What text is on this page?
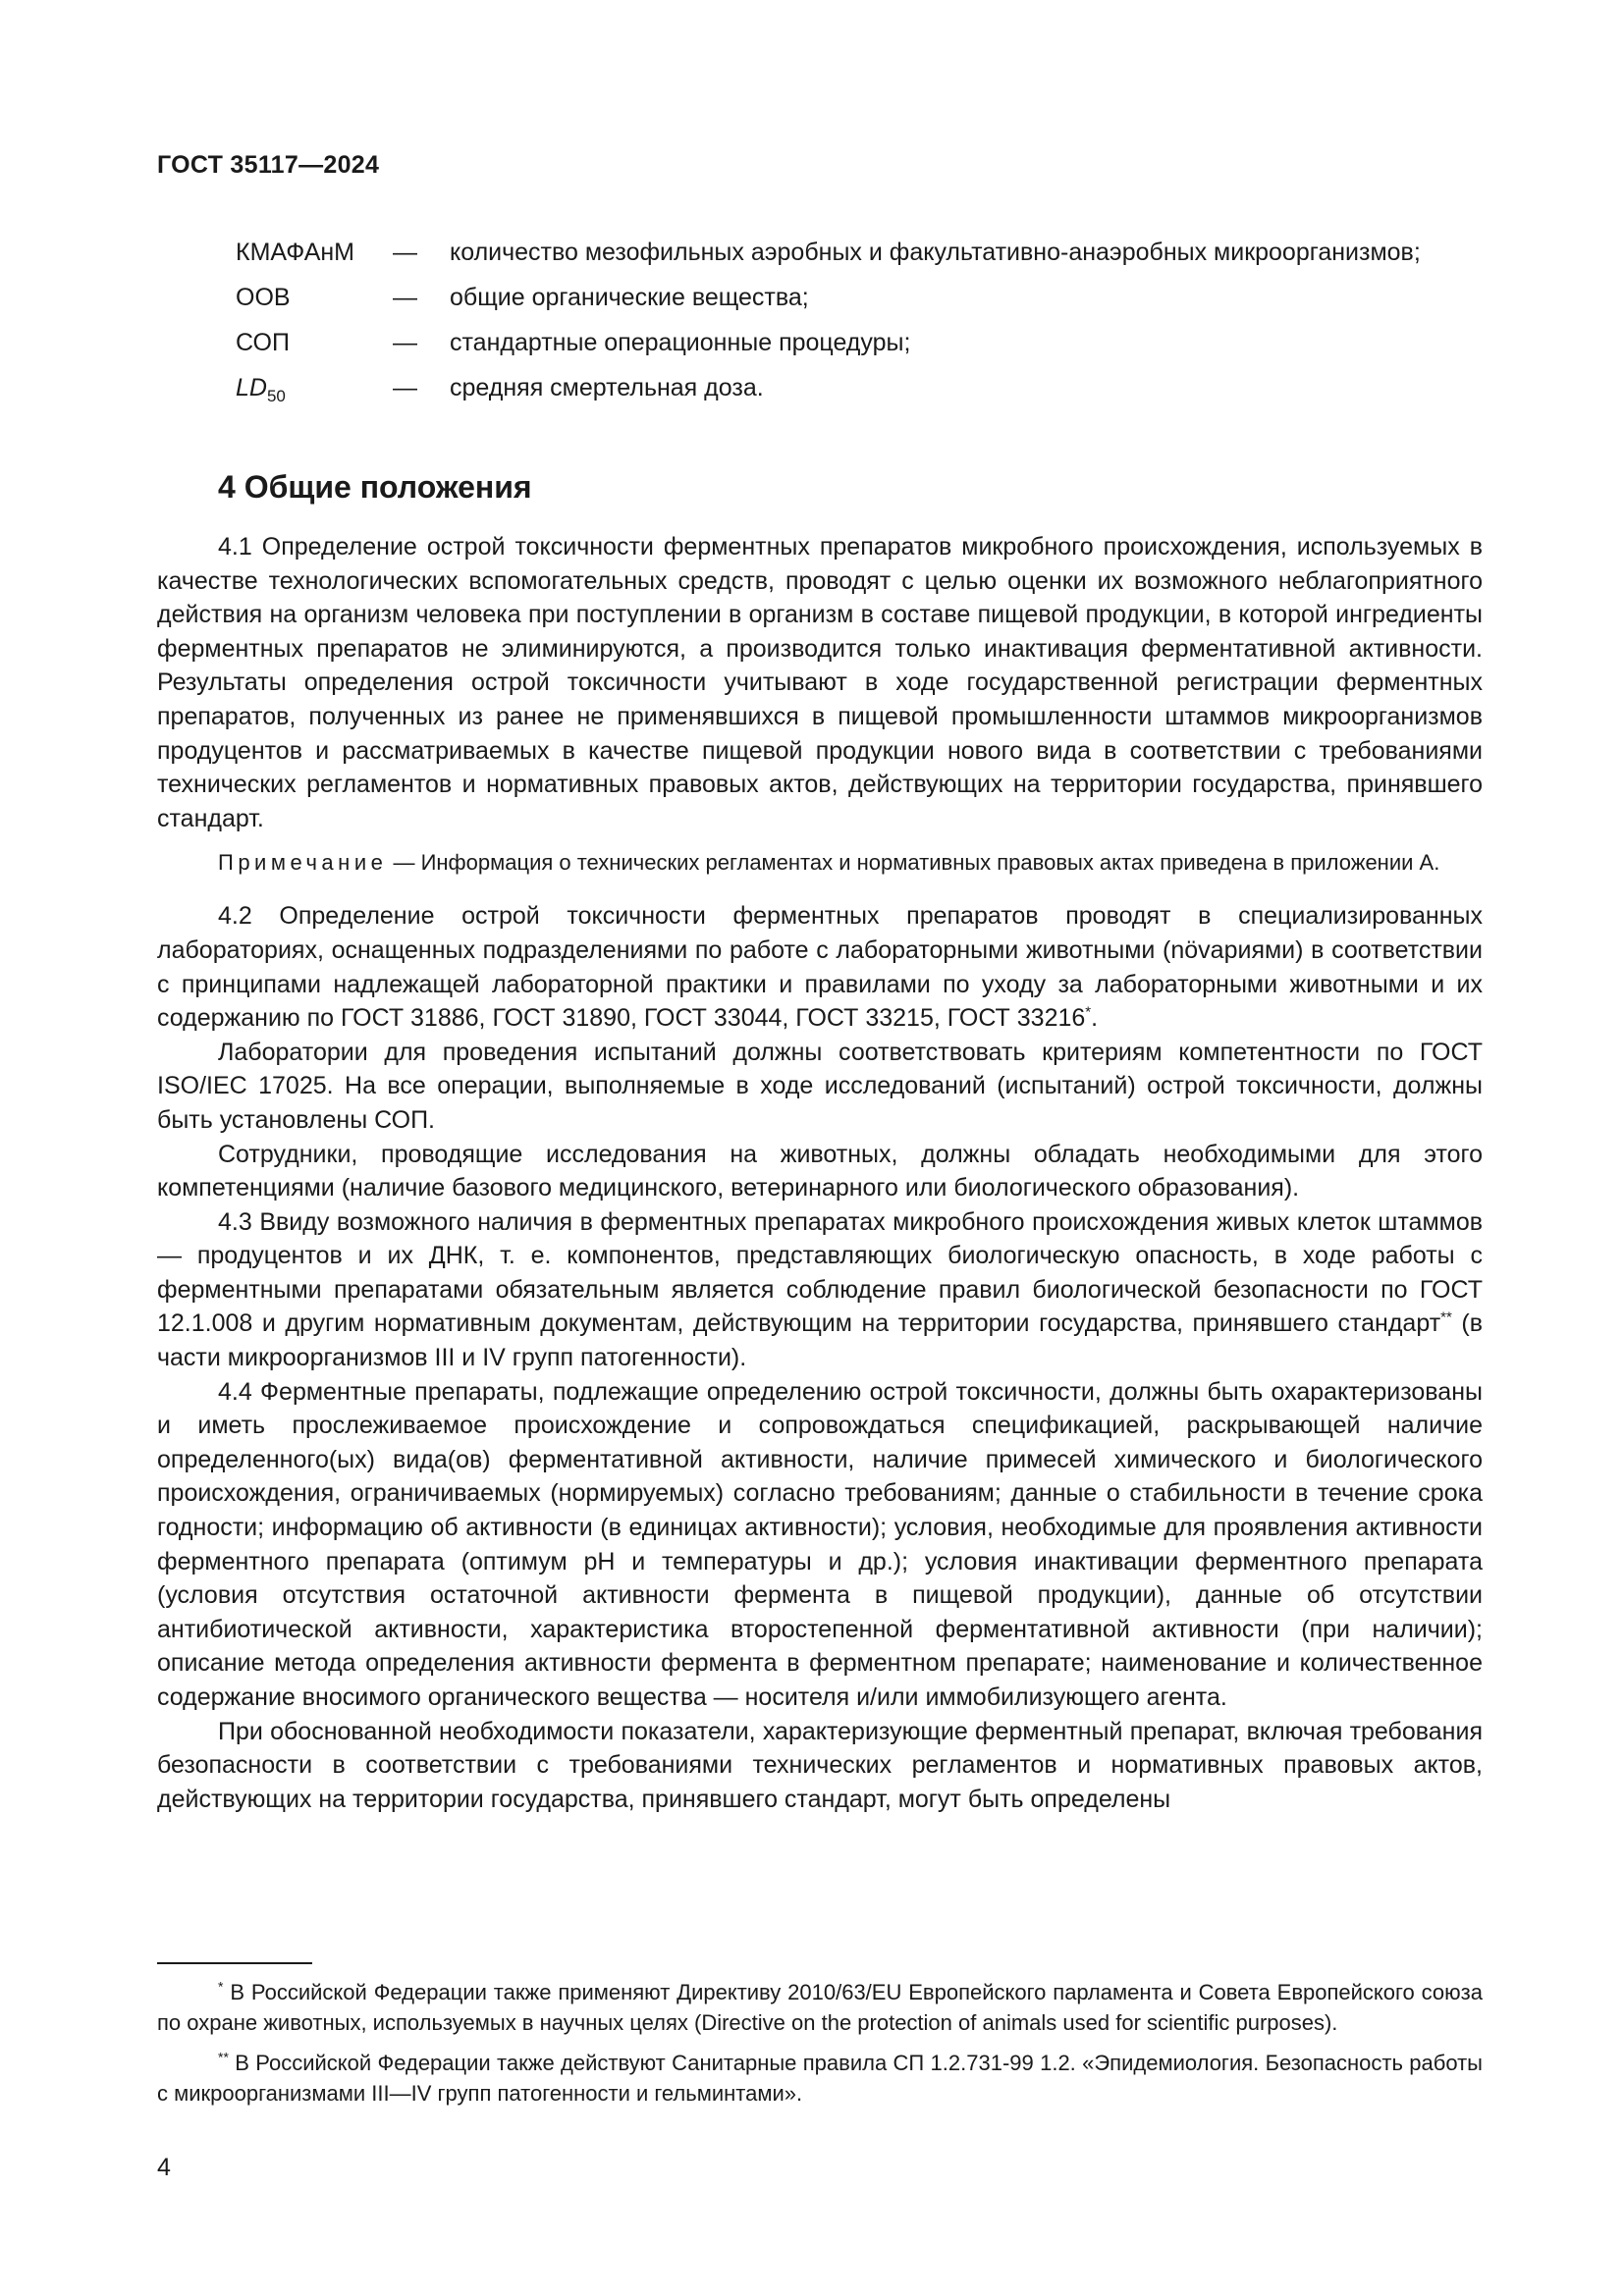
ГОСТ 35117—2024
КМАФАнМ	—	количество мезофильных аэробных и факультативно-анаэробных микроорганизмов;
ООВ	—	общие органические вещества;
СОП	—	стандартные операционные процедуры;
$LD_{50}$	—	средняя смертельная доза.
4 Общие положения

4.1 Определение острой токсичности ферментных препаратов микробного происхождения, используемых в качестве технологических вспомогательных средств, проводят с целью оценки их возможного неблагоприятного действия на организм человека при поступлении в организм в составе пищевой продукции, в которой ингредиенты ферментных препаратов не элиминируются, а производится только инактивация ферментативной активности. Результаты определения острой токсичности учитывают в ходе государственной регистрации ферментных препаратов, полученных из ранее не применявшихся в пищевой промышленности штаммов микроорганизмов продуцентов и рассматриваемых в качестве пищевой продукции нового вида в соответствии с требованиями технических регламентов и нормативных правовых актов, действующих на территории государства, принявшего стандарт.

Примечание — Информация о технических регламентах и нормативных правовых актах приведена в приложении А.

4.2 Определение острой токсичности ферментных препаратов проводят в специализированных лабораториях, оснащенных подразделениями по работе с лабораторными животными (növариями) в соответствии с принципами надлежащей лабораторной практики и правилами по уходу за лабораторными животными и их содержанию по ГОСТ 31886, ГОСТ 31890, ГОСТ 33044, ГОСТ 33215, ГОСТ 33216*.

Лаборатории для проведения испытаний должны соответствовать критериям компетентности по ГОСТ ISO/IEC 17025. На все операции, выполняемые в ходе исследований (испытаний) острой токсичности, должны быть установлены СОП.

Сотрудники, проводящие исследования на животных, должны обладать необходимыми для этого компетенциями (наличие базового медицинского, ветеринарного или биологического образования).

4.3 Ввиду возможного наличия в ферментных препаратах микробного происхождения живых клеток штаммов — продуцентов и их ДНК, т. е. компонентов, представляющих биологическую опасность, в ходе работы с ферментными препаратами обязательным является соблюдение правил биологической безопасности по ГОСТ 12.1.008 и другим нормативным документам, действующим на территории государства, принявшего стандарт** (в части микроорганизмов III и IV групп патогенности).

4.4 Ферментные препараты, подлежащие определению острой токсичности, должны быть охарактеризованы и иметь прослеживаемое происхождение и сопровождаться спецификацией, раскрывающей наличие определенного(ых) вида(ов) ферментативной активности, наличие примесей химического и биологического происхождения, ограничиваемых (нормируемых) согласно требованиям; данные о стабильности в течение срока годности; информацию об активности (в единицах активности); условия, необходимые для проявления активности ферментного препарата (оптимум pH и температуры и др.); условия инактивации ферментного препарата (условия отсутствия остаточной активности фермента в пищевой продукции), данные об отсутствии антибиотической активности, характеристика второстепенной ферментативной активности (при наличии); описание метода определения активности фермента в ферментном препарате; наименование и количественное содержание вносимого органического вещества — носителя и/или иммобилизующего агента.

При обоснованной необходимости показатели, характеризующие ферментный препарат, включая требования безопасности в соответствии с требованиями технических регламентов и нормативных правовых актов, действующих на территории государства, принявшего стандарт, могут быть определены

* В Российской Федерации также применяют Директиву 2010/63/EU Европейского парламента и Совета Европейского союза по охране животных, используемых в научных целях (Directive on the protection of animals used for scientific purposes).

** В Российской Федерации также действуют Санитарные правила СП 1.2.731-99 1.2. «Эпидемиология. Безопасность работы с микроорганизмами III—IV групп патогенности и гельминтами».

4
